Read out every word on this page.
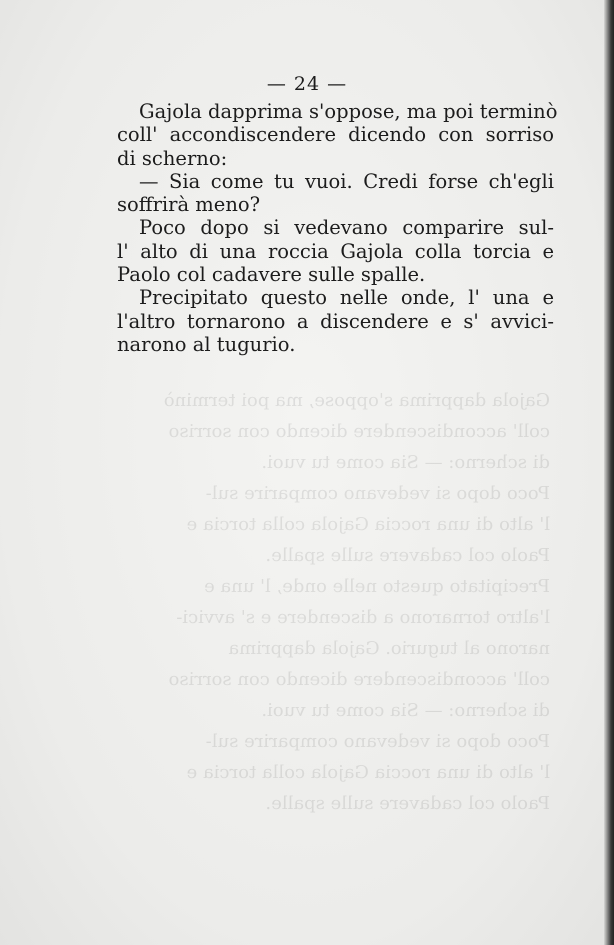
Gajola dapprima s'oppose, ma poi terminò
coll' accondiscendere dicendo con sorriso
di scherno: — Sia come tu vuoi.
Poco dopo si vedevano comparire sul-
l' alto di una roccia Gajola colla torcia e
Paolo col cadavere sulle spalle.
Precipitato questo nelle onde, l' una e
l'altro tornarono a discendere e s' avvici-
narono al tugurio. Gajola dapprima
coll' accondiscendere dicendo con sorriso
di scherno: — Sia come tu vuoi.
Poco dopo si vedevano comparire sul-
l' alto di una roccia Gajola colla torcia e
Paolo col cadavere sulle spalle.
— 24 —
Gajola dapprima s'oppose, ma poi terminò
coll' accondiscendere dicendo con sorriso
di scherno:
— Sia come tu vuoi. Credi forse ch'egli
soffrirà meno?
Poco dopo si vedevano comparire sul-
l' alto di una roccia Gajola colla torcia e
Paolo col cadavere sulle spalle.
Precipitato questo nelle onde, l' una e
l'altro tornarono a discendere e s' avvici-
narono al tugurio.
